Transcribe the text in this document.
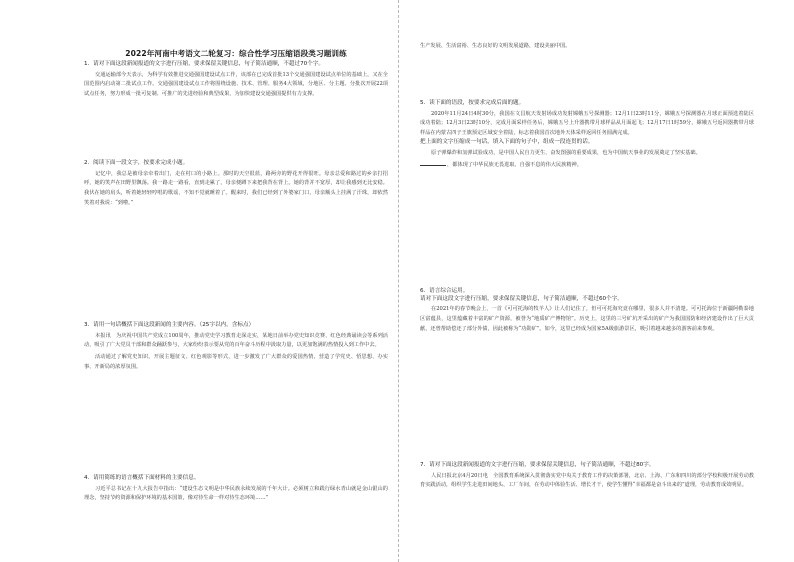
2022年河南中考语文二轮复习：综合性学习压缩语段类习题训练
1．请对下面这段新闻报道的文字进行压缩，要求保留关键信息，句子简洁通顺，不超过70个字。

交通运输部今天表示，为科学有效推进交通强国建设试点工作，该部在已完成首批13个交通强国建设试点单位的基础上，又在全国范围内启动第二批试点工作。交通强国建设试点工作将围绕设施、技术、管理、服务4大领域，分地区、分主题、分批次开展22项试点任务，努力形成一批可复制、可推广的先进经验和典型成果，为加快建设交通强国提供有力支撑。

2．阅读下面一段文字，按要求完成小题。

记忆中，我总是被母亲牵着出门，走在村口的小路上。那时的天空很蓝，路两旁的野花开得很旺。母亲总爱和路过的乡亲打招呼，她的笑声在田野里飘荡。我一路走一路看，直到走累了，母亲便蹲下来把我背在背上。她的背并不宽厚，却让我感到无比安稳。我伏在她的肩头，听着她轻轻哼唱的歌谣，不知不觉就睡着了。醒来时，我们已经到了外婆家门口，母亲额头上挂满了汗珠，却依然笑着对我说：“到啦。”

3．请用一句话概括下面这段新闻的主要内容。（25字以内，含标点）

本报讯　为庆祝中国共产党成立100周年，推动党史学习教育走深走实，某地日前举办党史知识竞赛、红色经典诵读会等系列活动，吸引了广大党员干部和群众踊跃参与，大家纷纷表示要从党的百年奋斗历程中汲取力量，以更加饱满的热情投入到工作中去。

活动通过了解党史知识，开展主题征文、红色观影等形式，进一步激发了广大群众的爱国热情，营造了学党史、悟思想、办实事、开新局的浓厚氛围。

4．请用简练的语言概括下面材料的主要信息。

习近平总书记在十九大报告中指出：“建设生态文明是中华民族永续发展的千年大计。必须树立和践行绿水青山就是金山银山的理念，坚持节约资源和保护环境的基本国策，像对待生命一样对待生态环境……”

生产发展、生活富裕、生态良好的文明发展道路，建设美丽中国。

5．读下面的语段，按要求完成后面的题。

2020年11月24日4时30分，我国在文昌航天发射场成功发射嫦娥五号探测器；12月1日23时11分，嫦娥五号探测器在月球正面预选着陆区成功着陆；12月3日23时10分，完成月面采样任务后，嫦娥五号上升器携带月球样品从月面起飞；12月17日1时59分，嫦娥五号返回器携带月球样品在内蒙古四子王旗预定区域安全着陆，标志着我国首次地外天体采样返回任务圆满完成。

把上面的文字压缩成一句话，填入下面的句子中，组成一段连贯的话。

原子弹爆炸和氢弹试验成功，是中国人民自力更生、奋发图强的重要成果，也为中国航天事业的发展奠定了坚实基础。

，都体现了中华民族无畏进取、自强不息的伟大民族精神。

6．语言综合运用。
请对下面这段文字进行压缩，要求保留关键信息，句子简洁通顺，不超过60个字。

在2021年的春节晚会上，一首《可可托海的牧羊人》让人们记住了，但可可托海究竟在哪里，很多人并不清楚。可可托海位于新疆阿勒泰地区富蕴县，这里蕴藏着丰富的矿产资源，被誉为“地质矿产博物馆”。历史上，这里的三号矿坑开采出的矿产为我国国防和经济建设作出了巨大贡献，还曾帮助偿还了部分外债，因此被称为“功勋矿”。如今，这里已经成为国家5A级旅游景区，吸引着越来越多的游客前来参观。

7．请对下面这段新闻报道的文字进行压缩，要求保留关键信息，句子简洁通顺，不超过80字。

人民日报北京4月20日电　全国教育系统深入贯彻落实党中央关于教育工作的决策部署，北京、上海、广东和四川的部分学校积极开展劳动教育实践活动，组织学生走进田间地头、工厂车间，在劳动中体验生活、增长才干，使学生懂得“幸福都是奋斗出来的”道理，劳动教育成效明显。
